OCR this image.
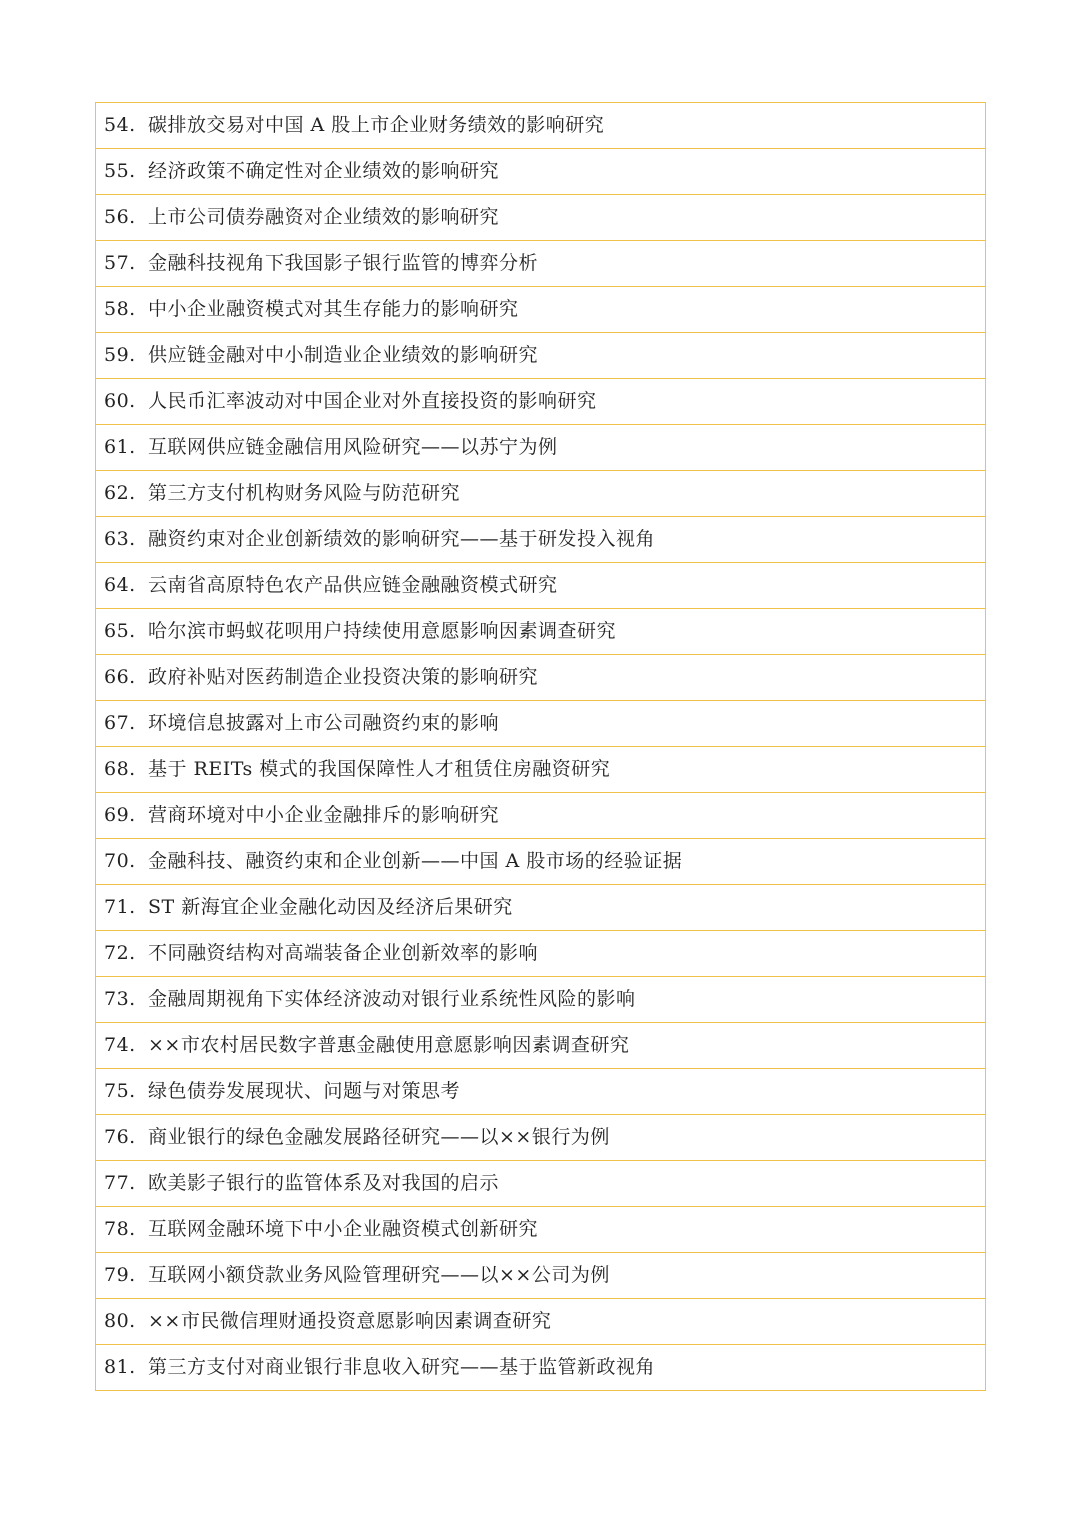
54. 碳排放交易对中国 A 股上市企业财务绩效的影响研究
55. 经济政策不确定性对企业绩效的影响研究
56. 上市公司债券融资对企业绩效的影响研究
57. 金融科技视角下我国影子银行监管的博弈分析
58. 中小企业融资模式对其生存能力的影响研究
59. 供应链金融对中小制造业企业绩效的影响研究
60. 人民币汇率波动对中国企业对外直接投资的影响研究
61. 互联网供应链金融信用风险研究——以苏宁为例
62. 第三方支付机构财务风险与防范研究
63. 融资约束对企业创新绩效的影响研究——基于研发投入视角
64. 云南省高原特色农产品供应链金融融资模式研究
65. 哈尔滨市蚂蚁花呗用户持续使用意愿影响因素调查研究
66. 政府补贴对医药制造企业投资决策的影响研究
67. 环境信息披露对上市公司融资约束的影响
68. 基于 REITs 模式的我国保障性人才租赁住房融资研究
69. 营商环境对中小企业金融排斥的影响研究
70. 金融科技、融资约束和企业创新——中国 A 股市场的经验证据
71. ST 新海宜企业金融化动因及经济后果研究
72. 不同融资结构对高端装备企业创新效率的影响
73. 金融周期视角下实体经济波动对银行业系统性风险的影响
74. ××市农村居民数字普惠金融使用意愿影响因素调查研究
75. 绿色债券发展现状、问题与对策思考
76. 商业银行的绿色金融发展路径研究——以××银行为例
77. 欧美影子银行的监管体系及对我国的启示
78. 互联网金融环境下中小企业融资模式创新研究
79. 互联网小额贷款业务风险管理研究——以××公司为例
80. ××市民微信理财通投资意愿影响因素调查研究
81. 第三方支付对商业银行非息收入研究——基于监管新政视角
